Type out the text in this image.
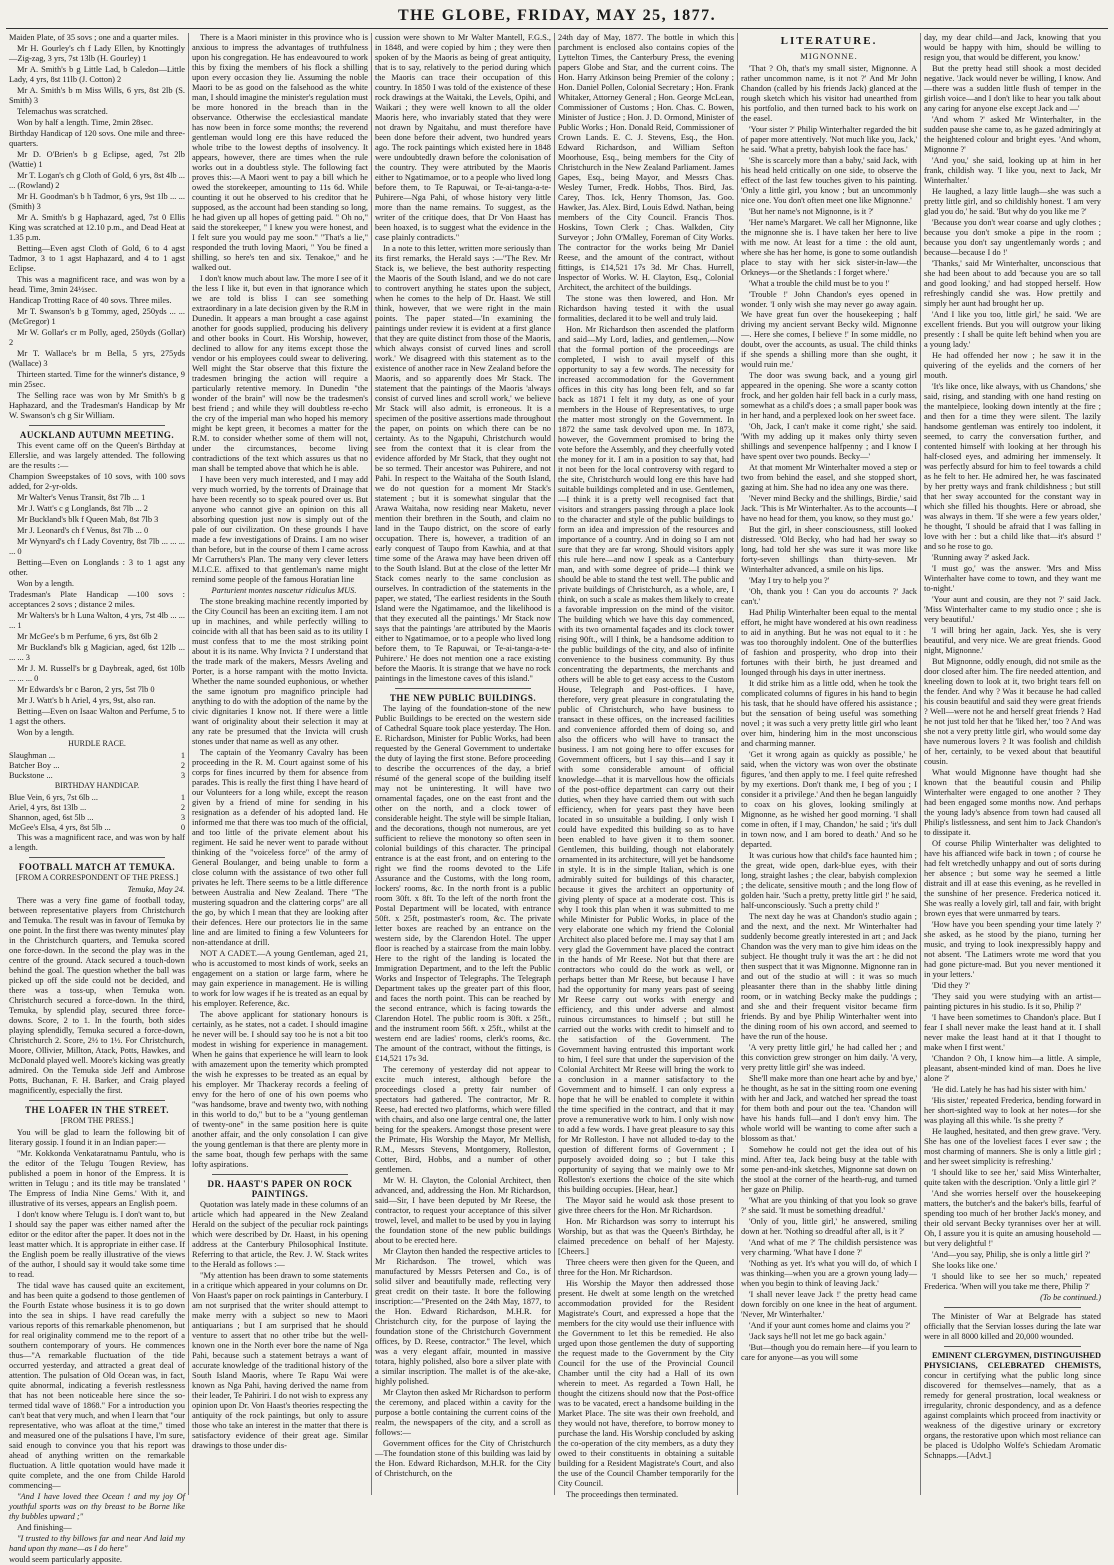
THE GLOBE, FRIDAY, MAY 25, 1877.

Maiden Plate, of 35 sovs ; one and a quarter miles.

Mr H. Gourley's ch f Lady Ellen, by Knottingly—Zig-zag, 3 yrs, 7st 13lb (H. Gourley) 1

Mr A. Smith's b g Little Lad, b Caledon—Little Lady, 4 yrs, 8st 11lb (J. Cotton) 2

Mr A. Smith's b m Miss Wills, 6 yrs, 8st 2lb (S. Smith) 3

Telemachus was scratched.

Won by half a length. Time, 2min 28sec.

Birthday Handicap of 120 sovs. One mile and three-quarters.

Mr D. O'Brien's b g Eclipse, aged, 7st 2lb (Wattie) 1

Mr T. Logan's ch g Cloth of Gold, 6 yrs, 8st 4lb ... ... (Rowland) 2

Mr H. Goodman's b h Tadmor, 6 yrs, 9st 1lb ... ... (Smith) 3

Mr A. Smith's b g Haphazard, aged, 7st 0 Ellis King was scratched at 12.10 p.m., and Dead Heat at 1.35 p.m.

Betting—Even agst Cloth of Gold, 6 to 4 agst Tadmor, 3 to 1 agst Haphazard, and 4 to 1 agst Eclipse.

This was a magnificent race, and was won by a head. Time, 3min 24½sec.

Handicap Trotting Race of 40 sovs. Three miles.

Mr T. Swanson's b g Tommy, aged, 250yds ... ... (McGregor) 1

Mr W. Gollar's cr m Polly, aged, 250yds (Gollar) 2

Mr T. Wallace's br m Bella, 5 yrs, 275yds (Wallace) 3

Thirteen started. Time for the winner's distance, 9 min 25sec.

The Selling race was won by Mr Smith's b g Haphazard, and the Tradesman's Handicap by Mr W. Swanson's ch g Sir William.

AUCKLAND AUTUMN MEETING.

This event came off on the Queen's Birthday at Ellerslie, and was largely attended. The following are the results :—

Champion Sweepstakes of 10 sovs, with 100 sovs added, for 2-yr-olds.

Mr Walter's Venus Transit, 8st 7lb ... 1

Mr J. Watt's c g Longlands, 8st 7lb ... 2

Mr Buckland's blk f Queen Mab, 8st 7lb 3

Mr J. Leonard's ch f Venus, 8st 7lb ... 0

Mr Wynyard's ch f Lady Coventry, 8st 7lb ... ... ... ... 0

Betting—Even on Longlands : 3 to 1 agst any other.

Won by a length.

Tradesman's Plate Handicap —100 sovs : acceptances 2 sovs ; distance 2 miles.

Mr Walters's br h Luna Walton, 4 yrs, 7st 4lb ... ... ... 1

Mr McGee's b m Perfume, 6 yrs, 8st 6lb 2

Mr Buckland's blk g Magician, aged, 6st 12lb ... ... ... 3

Mr J. M. Russell's br g Daybreak, aged, 6st 10lb ... ... ... 0

Mr Edwards's br c Baron, 2 yrs, 5st 7lb 0

Mr J. Watt's b h Ariel, 4 yrs, 9st, also ran.

Betting—Even on Isaac Walton and Perfume, 5 to 1 agst the others.

Won by a length.

HURDLE RACE.
Slaughman ...	1
Batcher Boy ...	2
Buckstone ...	3
BIRTHDAY HANDICAP.
Blue Vein, 6 yrs, 7st 6lb ...	1
Ariel, 4 yrs, 8st 13lb ...	2
Shannon, aged, 6st 5lb ...	3
McGee's Elsa, 4 yrs, 8st 5lb ...	0

This was a magnificent race, and was won by half a length.

FOOTBALL MATCH AT TEMUKA.
[FROM A CORRESPONDENT OF THE PRESS.]

Temuka, May 24.

There was a very fine game of football today, between representative players from Christchurch and Temuka. The result was in favour of Temuka by one point. In the first there was twenty minutes' play in the Christchurch quarters, and Temuka scored one force-down. In the second the play was in the centre of the ground. Atack secured a touch-down behind the goal. The question whether the ball was picked up off the side could not be decided, and there was a toss-up, when Temuka won. Christchurch secured a force-down. In the third, Temuka, by splendid play, secured three force-downs. Score, 2 to 1. In the fourth, both sides playing splendidly, Temuka secured a force-down, Christchurch 2. Score, 2½ to 1½. For Christchurch, Moore, Ollivier, Millton, Atack, Potts, Hawkes, and McDonald played well. Moore's kicking was greatly admired. On the Temuka side Jeff and Ambrose Potts, Buchanan, F. H. Barker, and Craig played magnificently, especially the first.

THE LOAFER IN THE STREET.
[FROM THE PRESS.]

You will be glad to learn the following bit of literary gossip. I found it in an Indian paper:—

"Mr. Kokkonda Venkataratnamu Pantulu, who is the editor of the Telugu Tougen Review, has published a poem in honor of the Empress. It is written in Telugu ; and its title may be translated ' The Empress of India Nine Gems.' With it, and illustrative of its verses, appears an English poem.

I don't know where Telugu is. I don't want to, but I should say the paper was either named after the editor or the editor after the paper. It does not in the least matter which. It is appropriate in either case. If the English poem be really illustrative of the views of the author, I should say it would take some time to read.

The tidal wave has caused quite an excitement, and has been quite a godsend to those gentlemen of the Fourth Estate whose business it is to go down into the sea in ships. I have read carefully the various reports of this remarkable phenomenon, but for real originality commend me to the report of a southern contemporary of yours. He commences thus—"A remarkable fluctuation of the tide occurred yesterday, and attracted a great deal of attention. The pulsation of Old Ocean was, in fact, quite abnormal, indicating a feverish restlessness that has not been noticeable here since the so-termed tidal wave of 1868." For a introduction you can't beat that very much, and when I learn that "our representative, who was afloat at the time," timed and measured one of the pulsations I have, I'm sure, said enough to convince you that his report was ahead of anything written on the remarkable fluctuation. A little quotation would have made it quite complete, and the one from Childe Harold commencing—

"And I have loved thee Ocean ! and my joy Of youthful sports was on thy breast to be Borne like thy bubbles upward ;"

And finishing—

"I trusted to thy billows far and near And laid my hand upon thy mane—as I do here"

would seem particularly apposite.

There is a Maori minister in this province who is anxious to impress the advantages of truthfulness upon his congregation. He has endeavoured to work this by fixing the members of his flock a shilling upon every occasion they lie. Assuming the noble Maori to be as good on the falsehood as the white man, I should imagine the minister's regulation must be more honored in the breach than in the observance. Otherwise the ecclesiastical mandate has now been in force some months; the reverend gentleman would long ere this have reduced the whole tribe to the lowest depths of insolvency. It appears, however, there are times when the rule works out in a doubtless style. The following fact proves this:—A Maori went to pay a bill which he owed the storekeeper, amounting to 11s 6d. While counting it out he observed to his creditor that he supposed, as the account had been standing so long, he had given up all hopes of getting paid. " Oh no," said the storekeeper, " I knew you were honest, and I felt sure you would pay me soon." "That's a lie," responded the truth loving Maori, " You be fined a shilling, so here's ten and six. Tenakoe," and he walked out.

I don't know much about law. The more I see of it the less I like it, but even in that ignorance which we are told is bliss I can see something extraordinary in a late decision given by the R.M in Dunedin. It appears a man brought a case against another for goods supplied, producing his delivery and other books in Court. His Worship, however, declined to allow for any items except those the vendor or his employees could swear to delivering. Well might the Star observe that this fixture the tradesmen bringing the action will require a particularly retentive memory. In Dunedin "the wonder of the brain" will now be the tradesmen's best friend ; and while they will doubtless re-echo the cry of the imperial man who hoped his memory might be kept green, it becomes a matter for the R.M. to consider whether some of them will not, under the circumstances, become living contradictions of the text which assures us that no man shall be tempted above that which he is able.

I have been very much interested, and I may add very much worried, by the torrents of Drainage that have been recently so to speak poured over us. But anyone who cannot give an opinion on this all absorbing question just now is simply out of the pale of our civilization. On these grounds I have made a few investigations of Drains. I am no wiser than before, but in the course of them I came across Mr Carruthers's Plan. The many very clever letters M.I.C.E. affixed to that gentleman's name might remind some people of the famous Horatian line

Parturient montes nascetur ridiculus MUS.

The stone breaking machine recently imported by the City Council has been an exciting item. I am not up in machines, and while perfectly willing to coincide with all that has been said as to its utility I must confess that to me the most striking point about it is its name. Why Invicta ? I understand that the trade mark of the makers, Messrs Aveling and Porter, is a horse rampant with the motto Invicta. Whether the name sounded euphonious, or whether the same ignotum pro magnifico principle had anything to do with the adoption of the name by the civic dignitaries I know not. If there were a little want of originality about their selection it may at any rate be presumed that the Invicta will crush stones under that name as well as any other.

The captain of the Yeomanry Cavalry has been proceeding in the R. M. Court against some of his corps for fines incurred by them for absence from parades. This is really the first thing I have heard of our Volunteers for a long while, except the reason given by a friend of mine for sending in his resignation as a defender of his adopted land. He informed me that there was too much of the official, and too little of the private element about his regiment. He said he never went to parade without thinking of the "voiceless force" of the army of General Boulanger, and being unable to form a close column with the assistance of two other full privates he left. There seems to be a little difference between Australia and New Zealand. There "The mustering squadron and the clattering corps" are all the go, by which I mean that they are looking after their defences. Here our protectors lie in the same line and are limited to fining a few Volunteers for non-attendance at drill.

NOT A CADET.—A young Gentleman, aged 21, who is accustomed to most kinds of work, seeks an engagement on a station or large farm, where he may gain experience in management. He is willing to work for low wages if he is treated as an equal by his employer. Reference, &c.

The above applicant for stationary honours is certainly, as he states, not a cadet. I should imagine he never will be. I should say too he is not a bit too modest in wishing for experience in management. When he gains that experience he will learn to look with amazement upon the temerity which prompted the wish he expresses to be treated as an equal by his employer. Mr Thackeray records a feeling of envy for the hero of one of his own poems who "was handsome, brave and twenty two, with nothing in this world to do," but to be a "young gentleman of twenty-one" in the same position here is quite another affair, and the only consolation I can give the young gentleman is that there are plenty more in the same boat, though few perhaps with the same lofty aspirations.

DR. HAAST'S PAPER ON ROCK PAINTINGS.

Quotation was lately made in these columns of an article which had appeared in the New Zealand Herald on the subject of the peculiar rock paintings which were described by Dr. Haast, in his opening address at the Canterbury Philosophical Institute. Referring to that article, the Rev. J. W. Stack writes to the Herald as follows :—

"My attention has been drawn to some statements in a critique which appeared in your columns on Dr. Von Haast's paper on rock paintings in Canterbury. I am not surprised that the writer should attempt to make merry with a subject so new to Maori antiquarians ; but I am surprised that he should venture to assert that no other tribe but the well-known one in the North ever bore the name of Nga Pahi, because such a statement betrays a want of accurate knowledge of the traditional history of the South Island Maoris, where Te Rapu Wai were known as Nga Pahi, having derived the name from their leader, Te Pahiriri. I do not wish to express any opinion upon Dr. Von Haast's theories respecting the antiquity of the rock paintings, but only to assure those who take an interest in the matter that there is satisfactory evidence of their great age. Similar drawings to those under dis-

cussion were shown to Mr Walter Mantell, F.G.S., in 1848, and were copied by him ; they were then spoken of by the Maoris as being of great antiquity, that is to say, relatively to the period during which the Maoris can trace their occupation of this country. In 1850 I was told of the existence of these rock drawings at the Waitaki, the Levels, Opihi, and Waikari ; they were well known to all the older Maoris here, who invariably stated that they were not drawn by Ngaitahu, and must therefore have been done before their advent, two hundred years ago. The rock paintings which existed here in 1848 were undoubtedly drawn before the colonisation of the country. They were attributed by the Maoris either to Ngatimamoe, or to a people who lived long before them, to Te Rapuwai, or Te-ai-tanga-a-te-Puhirere—Nga Pahi, of whose history very little more than the name remains. To suggest, as the writer of the critique does, that Dr Von Haast has been hoaxed, is to suggest what the evidence in the case plainly contradicts."

In a note to this letter, written more seriously than its first remarks, the Herald says :—"The Rev. Mr Stack is, we believe, the best authority respecting the Maoris of the South Island, and we do not care to controvert anything he states upon the subject, when he comes to the help of Dr. Haast. We still think, however, that we were right in the main points. The paper stated—'In examining the paintings under review it is evident at a first glance that they are quite distinct from those of the Maoris, which always consist of curved lines and scroll work.' We disagreed with this statement as to the existence of another race in New Zealand before the Maoris, and so apparently does Mr Stack. The statement that the paintings of the Maoris 'always consist of curved lines and scroll work,' we believe Mr Stack will also admit, is erroneous. It is a specimen of the positive assertions made throughout the paper, on points on which there can be no certainty. As to the Ngapuhi, Christchurch would see from the context that it is clear from the evidence afforded by Mr Stack, that they ought not be so termed. Their ancestor was Puhirere, and not Pahi. In respect to the Waitaha of the South Island, we do not question for a moment Mr Stack's statement ; but it is somewhat singular that the Arawa Waitaha, now residing near Maketu, never mention their brethren in the South, and claim no land in the Taupo district, on the score of early occupation. There is, however, a tradition of an early conquest of Taupo from Kawhia, and at that time some of the Arawa may have been driven off to the South Island. But at the close of the letter Mr Stack comes nearly to the same conclusion as ourselves. In contradiction of the statements in the paper, we stated, 'The earliest residents in the South Island were the Ngatimamoe, and the likelihood is that they executed all the paintings.' Mr Stack now says that the paintings 'are attributed by the Maoris either to Ngatimamoe, or to a people who lived long before them, to Te Rapuwai, or Te-ai-tanga-a-te-Puhirere.' He does not mention one a race existing before the Maoris. It is strange that we have no rock paintings in the limestone caves of this island."

THE NEW PUBLIC BUILDINGS.

The laying of the foundation-stone of the new Public Buildings to be erected on the western side of Cathedral Square took place yesterday. The Hon. E. Richardson, Minister for Public Works, had been requested by the General Government to undertake the duty of laying the first stone. Before proceeding to describe the occurrences of the day, a brief résumé of the general scope of the building itself may not be uninteresting. It will have two ornamental façades, one on the east front and the other on the north, and a clock tower of considerable height. The style will be simple Italian, and the decorations, though not numerous, are yet sufficient to relieve the monotony so often seen in colonial buildings of this character. The principal entrance is at the east front, and on entering to the right we find the rooms devoted to the Life Assurance and the Customs, with the long room, lockers' rooms, &c. In the north front is a public room 30ft. x 8ft. To the left of the north front the Postal Department will be located, with entrance 50ft. x 25ft, postmaster's room, &c. The private letter boxes are reached by an entrance on the western side, by the Clarendon Hotel. The upper floor is reached by a staircase from the main lobby. Here to the right of the landing is located the Immigration Department, and to the left the Public Works and Inspector of Telegraphs. The Telegraph Department takes up the greater part of this floor, and faces the north point. This can be reached by the second entrance, which is facing towards the Clarendon Hotel. The public room is 30ft. x 25ft., and the instrument room 56ft. x 25ft., whilst at the western end are ladies' rooms, clerk's rooms, &c. The amount of the contract, without the fittings, is £14,521 17s 3d.

The ceremony of yesterday did not appear to excite much interest, although before the proceedings closed a pretty fair number of spectators had gathered. The contractor, Mr R. Reese, had erected two platforms, which were filled with chairs, and also one large central one, the latter being for the speakers. Amongst those present were the Primate, His Worship the Mayor, Mr Mellish, R.M., Messrs Stevens, Montgomery, Rolleston, Cotter, Bird, Hobbs, and a number of other gentlemen.

Mr W. H. Clayton, the Colonial Architect, then advanced, and, addressing the Hon. Mr Richardson, said—Sir, I have been deputed by Mr Reese, the contractor, to request your acceptance of this silver trowel, level, and mallet to be used by you in laying the foundation stone of the new public buildings about to be erected here.

Mr Clayton then handed the respective articles to Mr Richardson. The trowel, which was manufactured by Messrs Petersen and Co., is of solid silver and beautifully made, reflecting very great credit on their taste. It bore the following inscription:—"Presented on the 24th May, 1877, to the Hon. Edward Richardson, M.H.R. for Christchurch city, for the purpose of laying the foundation stone of the Christchurch Government offices, by D. Reese, contractor." The level, which was a very elegant affair, mounted in massive totara, highly polished, also bore a silver plate with a similar inscription. The mallet is of the ake-ake, highly polished.

Mr Clayton then asked Mr Richardson to perform the ceremony, and placed within a cavity for the purpose a bottle containing the current coins of the realm, the newspapers of the city, and a scroll as follows:—

Government offices for the City of Christchurch—The foundation stone of this building was laid by the Hon. Edward Richardson, M.H.R. for the City of Christchurch, on the

24th day of May, 1877. The bottle in which this parchment is enclosed also contains copies of the Lyttelton Times, the Canterbury Press, the evening papers Globe and Star, and the current coins. The Hon. Harry Atkinson being Premier of the colony ; Hon. Daniel Pollen, Colonial Secretary ; Hon. Frank Whitaker, Attorney General ; Hon. George McLean, Commissioner of Customs ; Hon. Chas. C. Bowen, Minister of Justice ; Hon. J. D. Ormond, Minister of Public Works ; Hon. Donald Reid, Commissioner of Crown Lands. E. C. J. Stevens, Esq., the Hon. Edward Richardson, and William Sefton Moorhouse, Esq., being members for the City of Christchurch in the New Zealand Parliament. James Gapes, Esq., being Mayor, and Messrs Chas. Wesley Turner, Fredk. Hobbs, Thos. Bird, Jas. Carey, Thos. Ick, Henry Thomson, Jas. Goo. Hawker, Jas. Alex. Bird, Louis Edwd. Nathan, being members of the City Council. Francis Thos. Hoskins, Town Clerk ; Chas. Walkden, City Surveyor ; John O'Malley, Foreman of City Works. The contractor for the works being Mr Daniel Reese, and the amount of the contract, without fittings, is £14,521 17s 3d. Mr Chas. Hurrell, Inspector of Works. W. H. Clayton, Esq., Colonial Architect, the architect of the buildings.

The stone was then lowered, and Hon. Mr Richardson having tested it with the usual formalities, declared it to be well and truly laid.

Hon. Mr Richardson then ascended the platform and said—My Lord, ladies, and gentlemen,—Now that the formal portion of the proceedings are completed, I wish to avail myself of this opportunity to say a few words. The necessity for increased accommodation for the Government offices in this city has long been felt, and so far back as 1871 I felt it my duty, as one of your members in the House of Representatives, to urge the matter most strongly on the Government. In 1872 the same task devolved upon me. In 1873, however, the Government promised to bring the vote before the Assembly, and they cheerfully voted the money for it. I am in a position to say that, had it not been for the local controversy with regard to the site, Christchurch would long ere this have had suitable buildings completed and in use. Gentlemen,—I think it is a pretty well recognised fact that visitors and strangers passing through a place look to the character and style of the public buildings to form an idea and impression of the resources and importance of a country. And in doing so I am not sure that they are far wrong. Should visitors apply this rule here—and now I speak as a Canterbury man, and with some degree of pride—I think we should be able to stand the test well. The public and private buildings of Christchurch, as a whole, are, I think, on such a scale as makes them likely to create a favorable impression on the mind of the visitor. The building which we have this day commenced, with its two ornamental façades and its clock tower rising 90ft., will I think, be a handsome addition to the public buildings of the city, and also of infinite convenience to the business community. By thus concentrating the departments, the merchants and others will be able to get easy access to the Custom House, Telegraph and Post-offices. I have, therefore, very great pleasure in congratulating the public of Christchurch, who have business to transact in these offices, on the increased facilities and convenience afforded them of doing so, and also the officers who will have to transact the business. I am not going here to offer excuses for Government officers, but I say this—and I say it with some considerable amount of official knowledge—that it is marvellous how the officials of the post-office department can carry out their duties, when they have carried them out with such efficiency, when for years past they have been located in so unsuitable a building. I only wish I could have expedited this building so as to have been enabled to have given it to them sooner. Gentlemen, this building, though not elaborately ornamented in its architecture, will yet be handsome in style. It is in the simple Italian, which is one admirably suited for buildings of this character, because it gives the architect an opportunity of giving plenty of space at a moderate cost. This is why I took this plan when it was submitted to me while Minister for Public Works, in place of the very elaborate one which my friend the Colonial Architect also placed before me. I may say that I am very glad the Government have placed the contract in the hands of Mr Reese. Not but that there are contractors who could do the work as well, or perhaps better than Mr Reese, but because I have had the opportunity for many years past of seeing Mr Reese carry out works with energy and efficiency, and this under adverse and almost ruinous circumstances to himself ; but still he carried out the works with credit to himself and to the satisfaction of the Government. The Government having entrusted this important work to him, I feel sure that under the supervision of the Colonial Architect Mr Reese will bring the work to a conclusion in a manner satisfactory to the Government and to himself. I can only express a hope that he will be enabled to complete it within the time specified in the contract, and that it may prove a remunerative work to him. I only wish now to add a few words. I have great pleasure to say this for Mr Rolleston. I have not alluded to-day to the question of different forms of Government ; I purposely avoided doing so ; but I take this opportunity of saying that we mainly owe to Mr Rolleston's exertions the choice of the site which this building occupies. [Hear, hear.]

The Mayor said he would ask those present to give three cheers for the Hon. Mr Richardson.

Hon. Mr Richardson was sorry to interrupt his Worship, but as that was the Queen's Birthday, he claimed precedence on behalf of her Majesty. [Cheers.]

Three cheers were then given for the Queen, and three for the Hon. Mr Richardson.

His Worship the Mayor then addressed those present. He dwelt at some length on the wretched accommodation provided for the Resident Magistrate's Court, and expressed a hope that the members for the city would use their influence with the Government to let this be remedied. He also urged upon those gentlemen the duty of supporting the request made to the Government by the City Council for the use of the Provincial Council Chamber until the city had a Hall of its own wherein to meet. As regarded a Town Hall, he thought the citizens should now that the Post-office was to be vacated, erect a handsome building in the Market Place. The site was their own freehold, and they would not have, therefore, to borrow money to purchase the land. His Worship concluded by asking the co-operation of the city members, as a duty they owed to their constituents in obtaining a suitable building for a Resident Magistrate's Court, and also the use of the Council Chamber temporarily for the City Council.

The proceedings then terminated.

LITERATURE.
MIGNONNE.

'That ? Oh, that's my small sister, Mignonne. A rather uncommon name, is it not ?' And Mr John Chandon (called by his friends Jack) glanced at the rough sketch which his visitor had unearthed from his portfolio, and then turned back to his work on the easel.

'Your sister ?' Philip Winterhalter regarded the bit of paper more attentively. 'Not much like you, Jack,' he said. 'What a pretty, babyish look the face has.'

'She is scarcely more than a baby,' said Jack, with his head held critically on one side, to observe the effect of the last few touches given to his painting. 'Only a little girl, you know ; but an uncommonly nice one. You don't often meet one like Mignonne.'

'But her name's not Mignonne, is it ?'

'Her name's Margaret. We call her Mignonne, like the mignonne she is. I have taken her here to live with me now. At least for a time : the old aunt, where she has her home, is gone to some outlandish place to stay with her sick sister-in-law—the Orkneys—or the Shetlands : I forget where.'

'What a trouble the child must be to you !'

'Trouble !' John Chandon's eyes opened in wonder. 'I only wish she may never go away again. We have great fun over the housekeeping ; half driving my ancient servant Becky wild. Mignonne—. Here she comes, I believe !' In some middle, no doubt, over the accounts, as usual. The child thinks if she spends a shilling more than she ought, it would ruin me.'

The door was swung back, and a young girl appeared in the opening. She wore a scanty cotton frock, and her golden hair fell back in a curly mass, somewhat as a child's does ; a small paper book was in her hand, and a perplexed look on her sweet face.

'Oh, Jack, I can't make it come right,' she said. 'With my adding up it makes only thirty seven shillings and sevenpence halfpenny ; and I know I have spent over two pounds. Becky—'

At that moment Mr Winterhalter moved a step or two from behind the easel, and she stopped short, gazing at him. She had no idea any one was there.

'Never mind Becky and the shillings, Birdie,' said Jack. 'This is Mr Winterhalter. As to the accounts—I have no head for them, you know, so they must go.'

But the girl, in sheer consciousness, still looked distressed. 'Old Becky, who had had her sway so long, had told her she was sure it was more like forty-seven shillings than thirty-seven. Mr Winterhalter advanced, a smile on his lips.

'May I try to help you ?'

'Oh, thank you ! Can you do accounts ?' Jack can't.'

Had Philip Winterhalter been equal to the mental effort, he might have wondered at his own readiness to aid in anything. But he was not equal to it : he was too thoroughly indolent. One of the butterflies of fashion and prosperity, who drop into their fortunes with their birth, he just dreamed and lounged through his days in utter inertness.

It did strike him as a little odd, when he took the complicated columns of figures in his hand to begin his task, that he should have offered his assistance ; but the sensation of being useful was something novel ; it was such a very pretty little girl who leant over him, hindering him in the most unconscious and charming manner.

'Get it wrong again as quickly as possible,' he said, when the victory was won over the obstinate figures, 'and then apply to me. I feel quite refreshed by my exertions. Don't thank me, I beg of you ; I consider it a privilege.' And then he began languidly to coax on his gloves, looking smilingly at Mignonne, as he wished her good morning. 'I shall come in often, if I may, Chandon,' he said ; 'it's dull in town now, and I am bored to death.' And so he departed.

It was curious how that child's face haunted him ; the great, wide open, dark-blue eyes, with their long, straight lashes ; the clear, babyish complexion ; the delicate, sensitive mouth ; and the long flow of golden hair. 'Such a pretty, pretty little girl !' he said, half-unconsciously. 'Such a pretty child !'

The next day he was at Chandon's studio again ; and the next, and the next. Mr Winterhalter had suddenly become greatly interested in art ; and Jack Chandon was the very man to give him ideas on the subject. He thought truly it was the art : he did not then suspect that it was Mignonne. Mignonne ran in and out of the studio at will : it was so much pleasanter there than in the shabby little dining room, or in watching Becky make the puddings ; and she and their frequent visitor became firm friends. By and bye Philip Winterhalter went into the dining room of his own accord, and seemed to have the run of the house.

'A very pretty little girl,' he had called her ; and this conviction grew stronger on him daily. 'A very, very pretty little girl' she was indeed.

She'll make more than one heart ache by and bye,' he thought, as he sat in the sitting room one evening with her and Jack, and watched her spread the toast for them both and pour out the tea. 'Chandon will have his hands full—and I don't envy him. The whole world will be wanting to come after such a blossom as that.'

Somehow he could not get the idea out of his mind. After tea, Jack being busy at the table with some pen-and-ink sketches, Mignonne sat down on the stool at the corner of the hearth-rug, and turned her gaze on Philip.

'What are you thinking of that you look so grave ?' she said. 'It must be something dreadful.'

'Only of you, little girl,' he answered, smiling down at her. 'Nothing so dreadful after all, is it ?'

'And what of me ?' The childish persistence was very charming. 'What have I done ?'

'Nothing as yet. It's what you will do, of which I was thinking—when you are a grown young lady—when you begin to think of leaving Jack.'

'I shall never leave Jack !' the pretty head came down forcibly on one knee in the heat of argument. 'Never, Mr Winterhalter.'

'And if your aunt comes home and claims you ?'

'Jack says he'll not let me go back again.'

'But—though you do remain here—if you learn to care for anyone—as you will some

day, my dear child—and Jack, knowing that you would be happy with him, should be willing to resign you, that would be different, you know.'

But the pretty head still shook a most decided negative. 'Jack would never be willing, I know. And—there was a sudden little flush of temper in the girlish voice—and I don't like to hear you talk about any caring for anyone else except Jack and —'

'And whom ?' asked Mr Winterhalter, in the sudden pause she came to, as he gazed admiringly at the heightened colour and bright eyes. 'And whom, Mignonne ?'

'And you,' she said, looking up at him in her frank, childish way. 'I like you, next to Jack, Mr Winterhalter.'

He laughed, a lazy little laugh—she was such a pretty little girl, and so childishly honest. 'I am very glad you do,' he said. 'But why do you like me ?'

'Because you don't wear coarse and ugly clothes ; because you don't smoke a pipe in the room ; because you don't say ungentlemanly words ; and because—because I do !'

'Thanks,' said Mr Winterhalter, unconscious that she had been about to add 'because you are so tall and good looking,' and had stopped herself. How refreshingly candid she was. How prettily and simply her aunt had brought her up.

'And I like you too, little girl,' he said. 'We are excellent friends. But you will outgrow your liking presently : I shall be quite left behind when you are a young lady.'

He had offended her now ; he saw it in the quivering of the eyelids and the corners of her mouth.

'It's like once, like always, with us Chandons,' she said, rising, and standing with one hand resting on the mantelpiece, looking down intently at the fire ; and then for a time they were silent. The lazily handsome gentleman was entirely too indolent, it seemed, to carry the conversation further, and contented himself with looking at her through his half-closed eyes, and admiring her immensely. It was perfectly absurd for him to feel towards a child as he felt to her. He admired her, he was fascinated by her pretty ways and frank childishness ; but still that her sway accounted for the constant way in which she filled his thoughts. Here or abroad, she was always in them. 'If she were a few years older,' he thought, 'I should be afraid that I was falling in love with her : but a child like that—it's absurd !' and so he rose to go.

'Running away ?' asked Jack.

'I must go,' was the answer. 'Mrs and Miss Winterhalter have come to town, and they want me to-night.'

'Your aunt and cousin, are they not ?' said Jack. 'Miss Winterhalter came to my studio once ; she is very beautiful.'

'I will bring her again, Jack. Yes, she is very beautiful, and very nice. We are great friends. Good night, Mignonne.'

But Mignonne, oddly enough, did not smile as the door closed after him. The fire needed attention, and kneeling down to look at it, two bright tears fell on the fender. And why ? Was it because he had called his cousin beautiful and said they were great friends ? Well—were not he and herself great friends ? Had he not just told her that he 'liked her,' too ? And was she not a very pretty little girl, who would some day have numerous lovers ? It was foolish and childish of her, certainly, to be vexed about that beautiful cousin.

What would Mignonne have thought had she known that the beautiful cousin and Philip Winterhalter were engaged to one another ? They had been engaged some months now. And perhaps the young lady's absence from town had caused all Philip's listlessness, and sent him to Jack Chandon's to dissipate it.

Of course Philip Winterhalter was delighted to have his affianced wife back in town ; of course he had felt wretchedly unhappy and out of sorts during her absence ; but some way he seemed a little distrait and ill at ease this evening, as he revelled in the sunshine of her presence. Frederica noticed it. She was really a lovely girl, tall and fair, with bright brown eyes that were unmarred by tears.

'How have you been spending your time lately ?' she asked, as he stood by the piano, turning her music, and trying to look inexpressibly happy and not absent. 'The Latimers wrote me word that you had gone picture-mad. But you never mentioned it in your letters.'

'Did they ?'

'They said you were studying with an artist—painting pictures in his studio. Is it so, Philip ?'

'I have been sometimes to Chandon's place. But I fear I shall never make the least hand at it. I shall never make the least hand at it that I thought to make when I first went.'

'Chandon ? Oh, I know him—a little. A simple, pleasant, absent-minded kind of man. Does he live alone ?'

'He did. Lately he has had his sister with him.'

'His sister,' repeated Frederica, bending forward in her short-sighted way to look at her notes—for she was playing all this while. 'Is she pretty ?'

He laughed, hesitated, and then grew grave. 'Very. She has one of the loveliest faces I ever saw ; the most charming of manners. She is only a little girl ; and her sweet simplicity is refreshing.'

'I should like to see her,' said Miss Winterhalter, quite taken with the description. 'Only a little girl ?'

'And she worries herself over the housekeeping matters, the butcher's and the baker's bills, fearful of spending too much of her brother Jack's money, and their old servant Becky tyrannises over her at will. Oh, I assure you it is quite an amusing household —but very delightful !'

'And—you say, Philip, she is only a little girl ?'

She looks like one.'

'I should like to see her so much,' repeated Frederica. 'When will you take me there, Philip ?'

(To be continued.)

The Minister of War at Belgrade has stated officially that the Servian losses during the late war were in all 8000 killed and 20,000 wounded.

EMINENT CLERGYMEN, DISTINGUISHED PHYSICIANS, CELEBRATED CHEMISTS, concur in certifying what the public long since discovered for themselves—namely, that as a remedy for general prostration, local weakness or irregularity, chronic despondency, and as a defence against complaints which proceed from inactivity or weakness of the digestive urinary or excretory organs, the restorative upon which most reliance can be placed is Udolpho Wolfe's Schiedam Aromatic Schnapps.—[Advt.]
